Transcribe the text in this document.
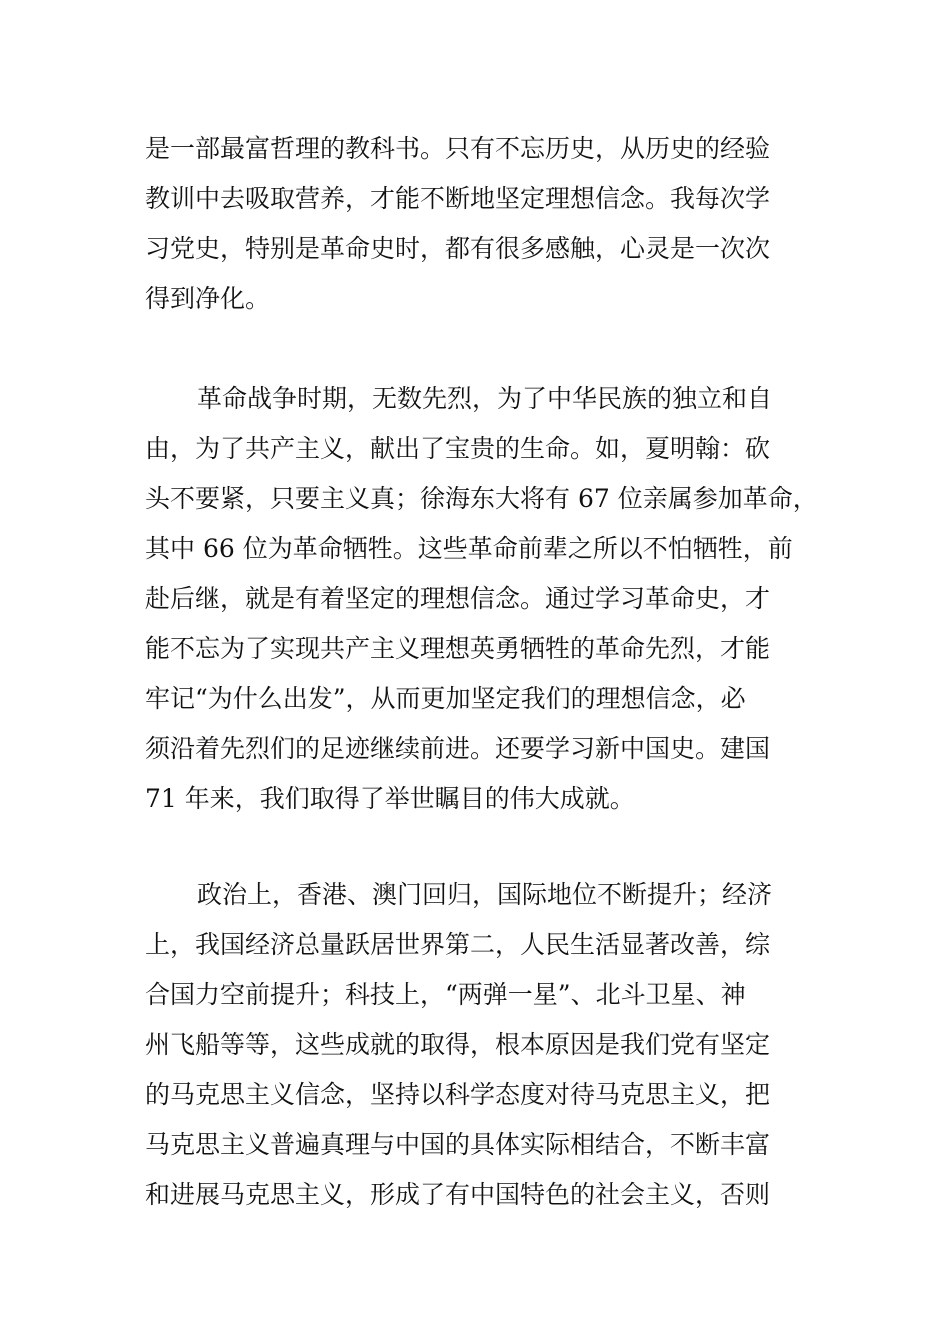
是一部最富哲理的教科书。只有不忘历史，从历史的经验
教训中去吸取营养，才能不断地坚定理想信念。我每次学
习党史，特别是革命史时，都有很多感触，心灵是一次次
得到净化。
革命战争时期，无数先烈，为了中华民族的独立和自
由，为了共产主义，献出了宝贵的生命。如，夏明翰：砍
头不要紧，只要主义真；徐海东大将有 67 位亲属参加革命，
其中 66 位为革命牺牲。这些革命前辈之所以不怕牺牲，前
赴后继，就是有着坚定的理想信念。通过学习革命史，才
能不忘为了实现共产主义理想英勇牺牲的革命先烈，才能
牢记“为什么出发”，从而更加坚定我们的理想信念，必
须沿着先烈们的足迹继续前进。还要学习新中国史。建国
71 年来，我们取得了举世瞩目的伟大成就。
政治上，香港、澳门回归，国际地位不断提升；经济
上，我国经济总量跃居世界第二，人民生活显著改善，综
合国力空前提升；科技上，“两弹一星”、北斗卫星、神
州飞船等等，这些成就的取得，根本原因是我们党有坚定
的马克思主义信念，坚持以科学态度对待马克思主义，把
马克思主义普遍真理与中国的具体实际相结合，不断丰富
和进展马克思主义，形成了有中国特色的社会主义，否则
